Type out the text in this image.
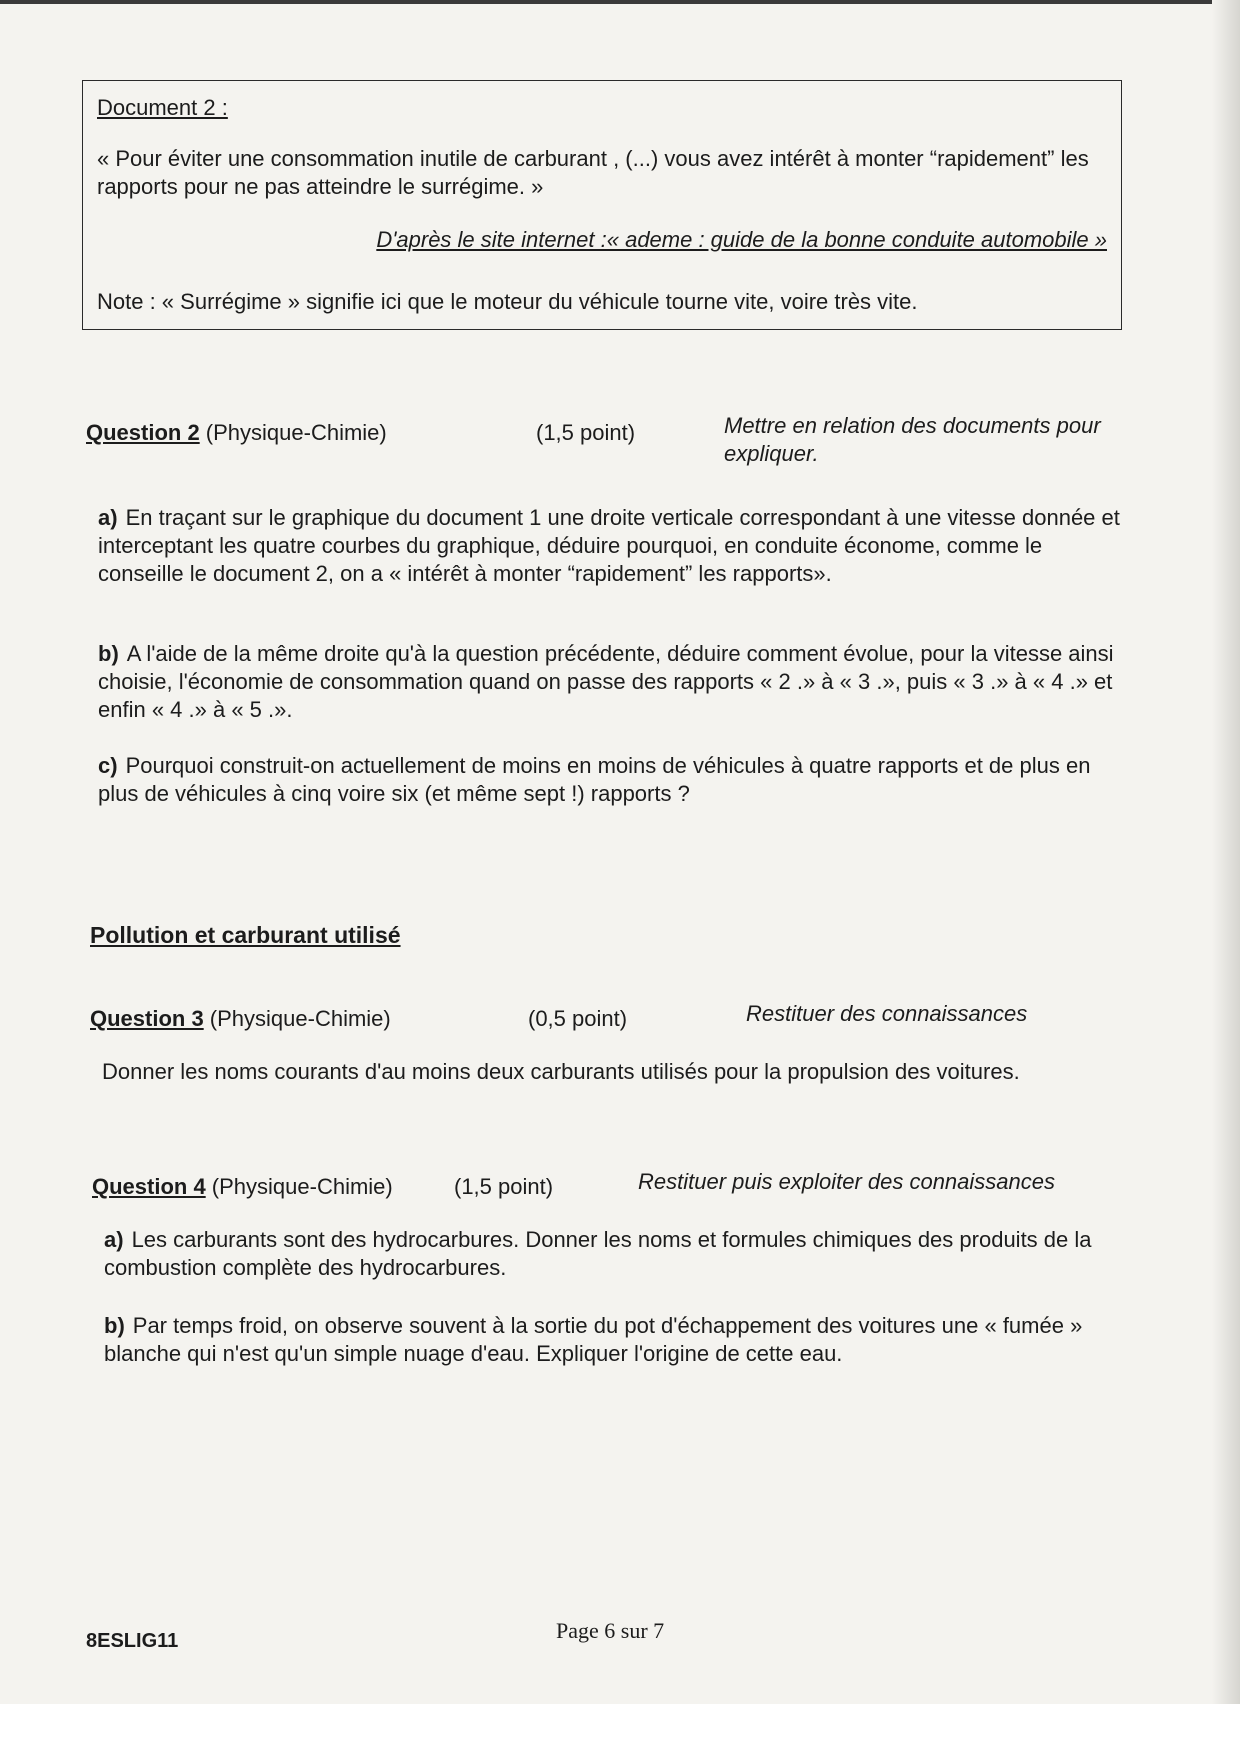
Document 2 :
« Pour éviter une consommation inutile de carburant , (...) vous avez intérêt à monter “rapidement” les rapports pour ne pas atteindre le surrégime. »
D'après le site internet :« ademe : guide de la bonne conduite automobile »
Note : « Surrégime » signifie ici que le moteur du véhicule tourne vite, voire très vite.
Question 2 (Physique-Chimie)	(1,5 point)	Mettre en relation des documents pour expliquer.
a) En traçant sur le graphique du document 1 une droite verticale correspondant à une vitesse donnée et interceptant les quatre courbes du graphique, déduire pourquoi, en conduite économe, comme le conseille le document 2, on a « intérêt à monter “rapidement” les rapports».
b) A l'aide de la même droite qu'à la question précédente, déduire comment évolue, pour la vitesse ainsi choisie, l'économie de consommation quand on passe des rapports « 2 .» à « 3 .», puis « 3 .» à « 4 .» et enfin « 4 .» à « 5 .».
c) Pourquoi construit-on actuellement de moins en moins de véhicules à quatre rapports et de plus en plus de véhicules à cinq voire six (et même sept !) rapports ?
Pollution et carburant utilisé
Question 3 (Physique-Chimie)	(0,5 point)	Restituer des connaissances
Donner les noms courants d'au moins deux carburants utilisés pour la propulsion des voitures.
Question 4 (Physique-Chimie)	(1,5 point)	Restituer puis exploiter des connaissances
a) Les carburants sont des hydrocarbures. Donner les noms et formules chimiques des produits de la combustion complète des hydrocarbures.
b) Par temps froid, on observe souvent à la sortie du pot d'échappement des voitures une « fumée » blanche qui n'est qu'un simple nuage d'eau. Expliquer l'origine de cette eau.
8ESLIG11	Page 6 sur 7
